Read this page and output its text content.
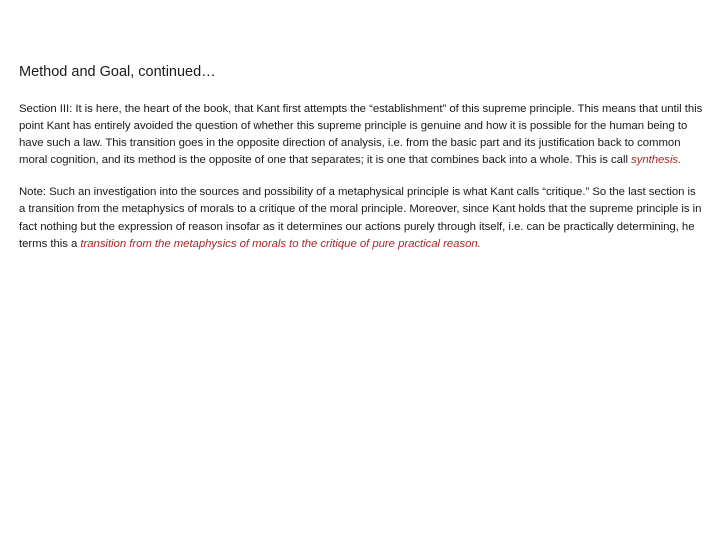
Method and Goal, continued…

Section III: It is here, the heart of the book, that Kant first attempts the “establishment” of this supreme principle. This means that until this point Kant has entirely avoided the question of whether this supreme principle is genuine and how it is possible for the human being to have such a law. This transition goes in the opposite direction of analysis, i.e. from the basic part and its justification back to common moral cognition, and its method is the opposite of one that separates; it is one that combines back into a whole. This is call synthesis.

Note: Such an investigation into the sources and possibility of a metaphysical principle is what Kant calls “critique.” So the last section is a transition from the metaphysics of morals to a critique of the moral principle. Moreover, since Kant holds that the supreme principle is in fact nothing but the expression of reason insofar as it determines our actions purely through itself, i.e. can be practically determining, he terms this a transition from the metaphysics of morals to the critique of pure practical reason.
